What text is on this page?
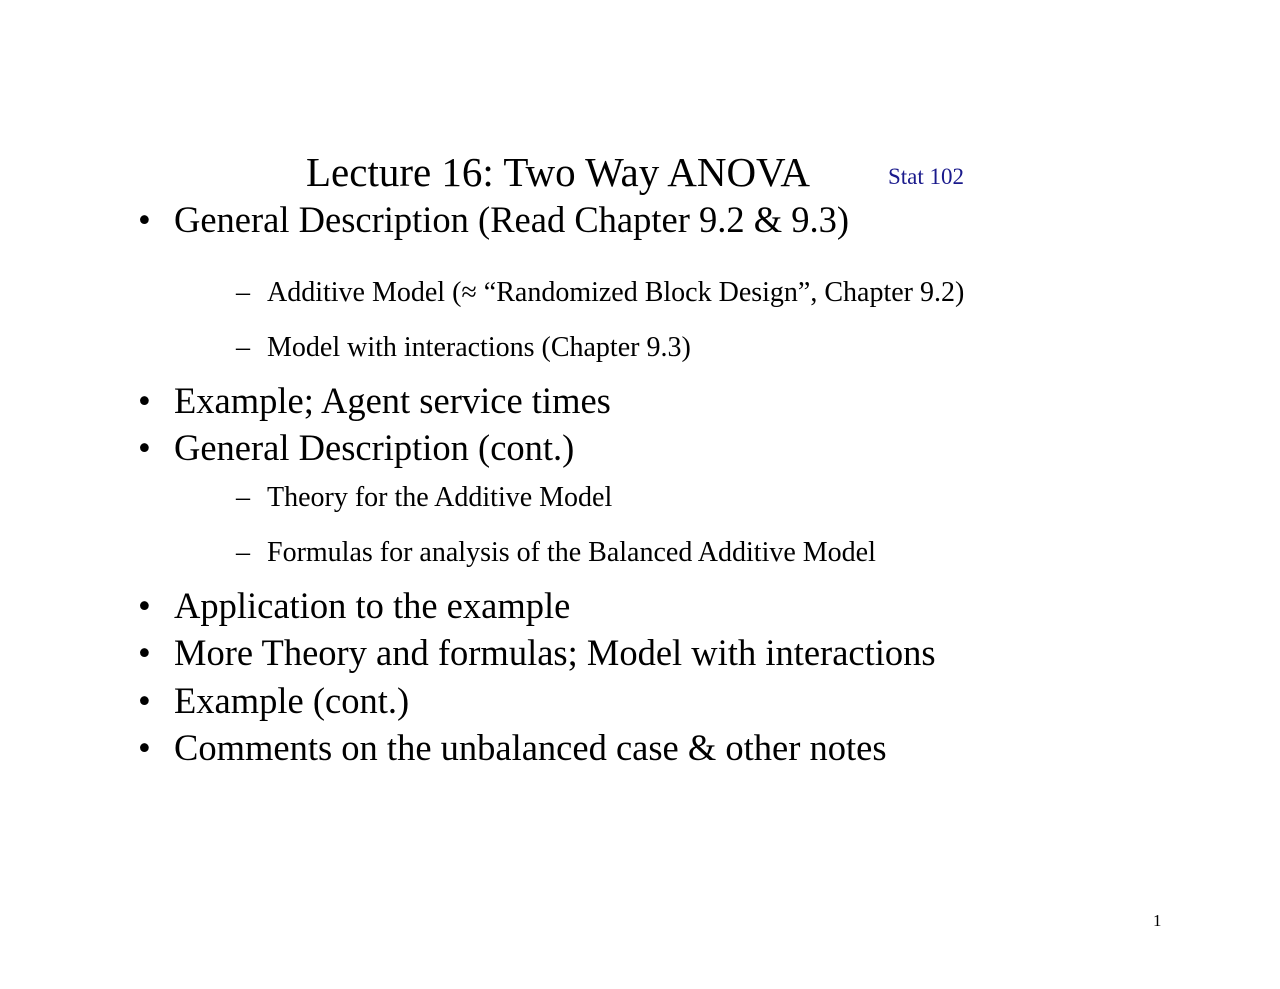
Lecture 16: Two Way ANOVA	Stat 102
• General Description (Read Chapter 9.2 & 9.3)
– Additive Model (≈ “Randomized Block Design”, Chapter 9.2)
– Model with interactions (Chapter 9.3)
• Example; Agent service times
• General Description (cont.)
– Theory for the Additive Model
– Formulas for analysis of the Balanced Additive Model
• Application to the example
• More Theory and formulas; Model with interactions
• Example (cont.)
• Comments on the unbalanced case & other notes
1
